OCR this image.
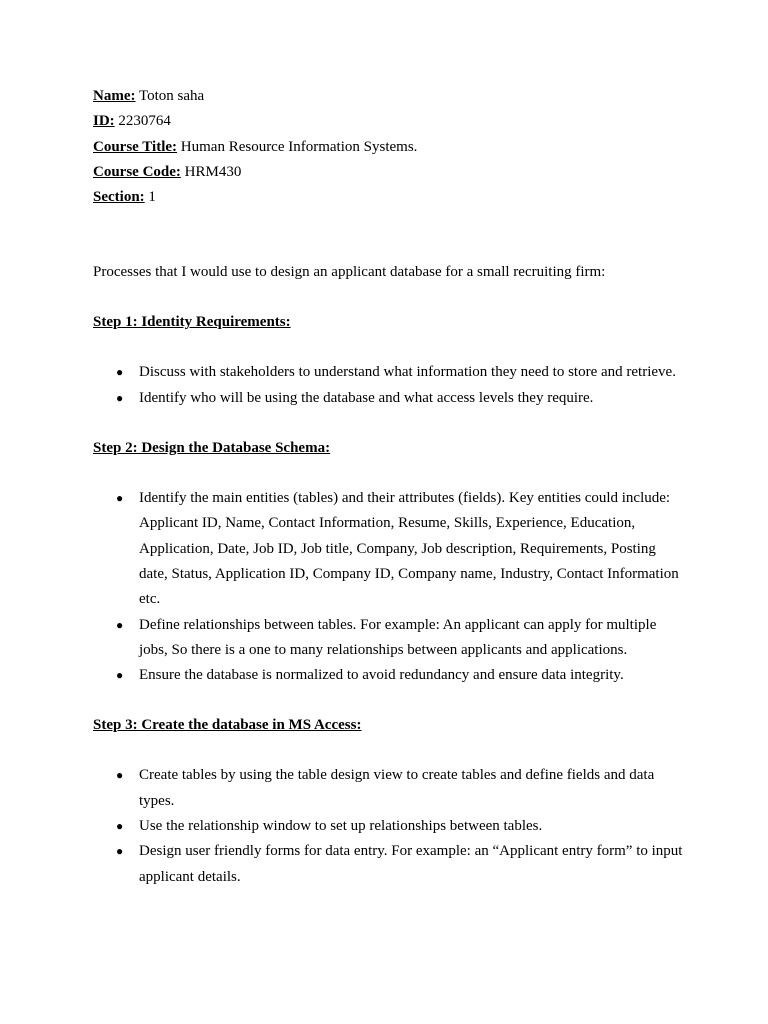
Name: Toton saha

ID: 2230764

Course Title: Human Resource Information Systems.

Course Code: HRM430

Section: 1

Processes that I would use to design an applicant database for a small recruiting firm:

Step 1: Identity Requirements:

● Discuss with stakeholders to understand what information they need to store and retrieve.
● Identify who will be using the database and what access levels they require.

Step 2: Design the Database Schema:

● Identify the main entities (tables) and their attributes (fields). Key entities could include: Applicant ID, Name, Contact Information, Resume, Skills, Experience, Education, Application, Date, Job ID, Job title, Company, Job description, Requirements, Posting date, Status, Application ID, Company ID, Company name, Industry, Contact Information etc.
● Define relationships between tables. For example: An applicant can apply for multiple jobs, So there is a one to many relationships between applicants and applications.
● Ensure the database is normalized to avoid redundancy and ensure data integrity.

Step 3: Create the database in MS Access:

● Create tables by using the table design view to create tables and define fields and data types.
● Use the relationship window to set up relationships between tables.
● Design user friendly forms for data entry. For example: an “Applicant entry form” to input applicant details.
